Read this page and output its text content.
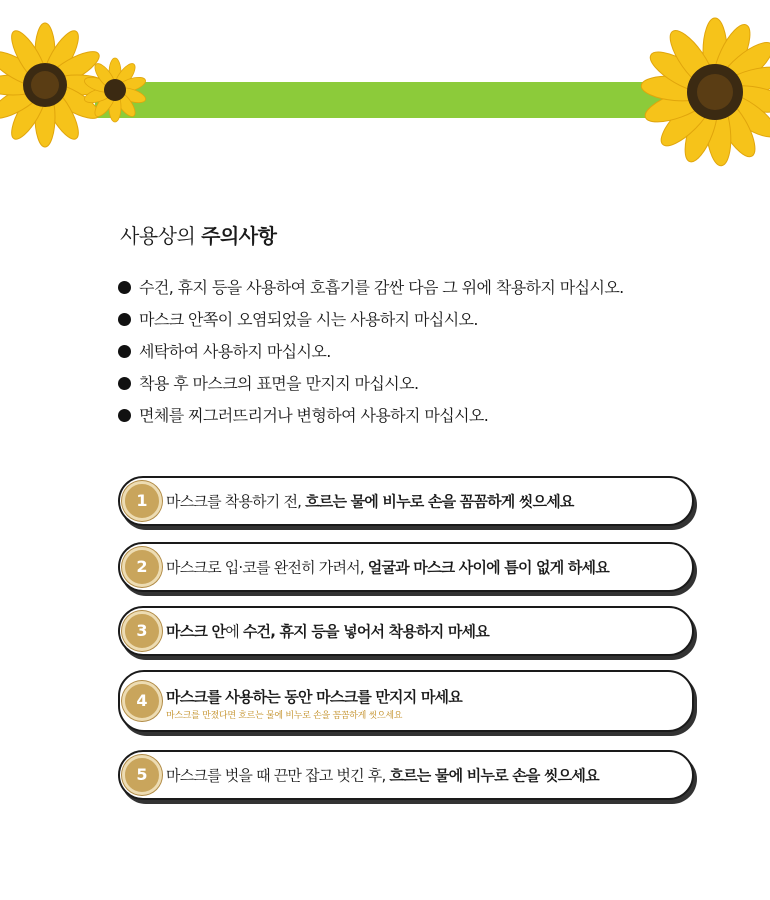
사용상의 주의사항
수건, 휴지 등을 사용하여 호흡기를 감싼 다음 그 위에 착용하지 마십시오.
마스크 안쪽이 오염되었을 시는 사용하지 마십시오.
세탁하여 사용하지 마십시오.
착용 후 마스크의 표면을 만지지 마십시오.
면체를 찌그러뜨리거나 변형하여 사용하지 마십시오.
1	마스크를 착용하기 전, 흐르는 물에 비누로 손을 꼼꼼하게 씻으세요
2	마스크로 입·코를 완전히 가려서, 얼굴과 마스크 사이에 틈이 없게 하세요
3	마스크 안에 수건, 휴지 등을 넣어서 착용하지 마세요
4	마스크를 사용하는 동안 마스크를 만지지 마세요
마스크를 만졌다면 흐르는 물에 비누로 손을 꼼꼼하게 씻으세요
5	마스크를 벗을 때 끈만 잡고 벗긴 후, 흐르는 물에 비누로 손을 씻으세요
